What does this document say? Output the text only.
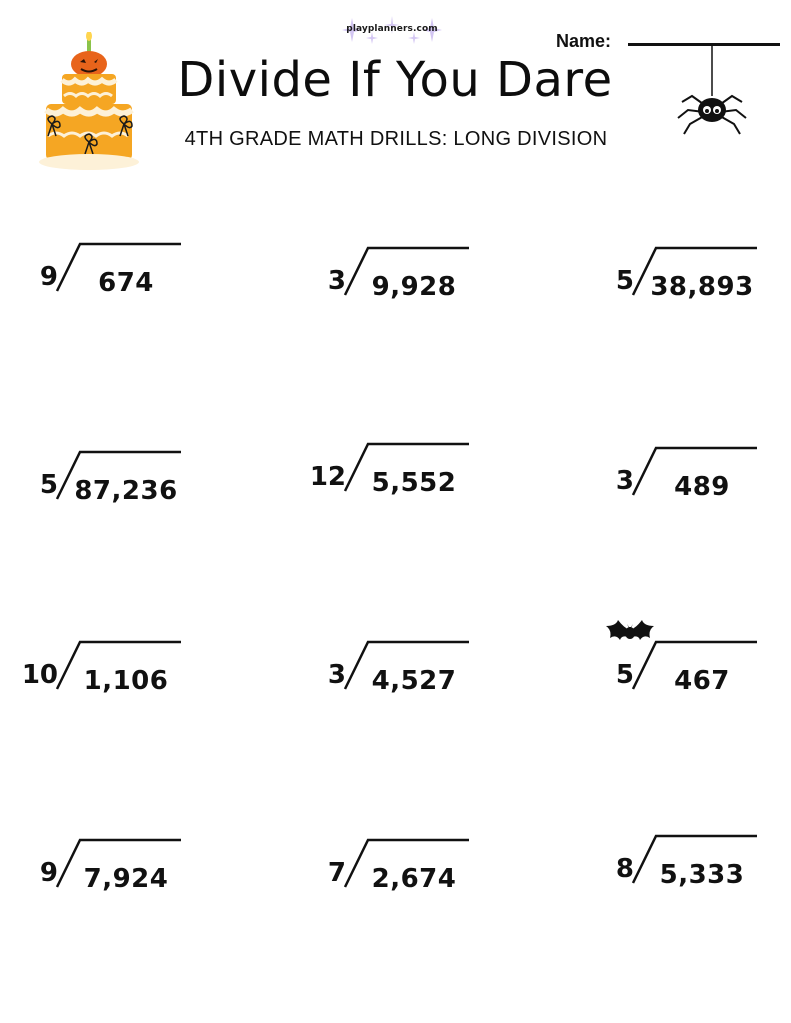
playplanners.com
Divide If You Dare
4TH GRADE MATH DRILLS: LONG DIVISION
Name:
9	674	3 9,928	5 38,893
5 87,236	12 5,552	3	489
10 1,106	3 4,527	5	467
9 7,924	7 2,674	8 5,333
